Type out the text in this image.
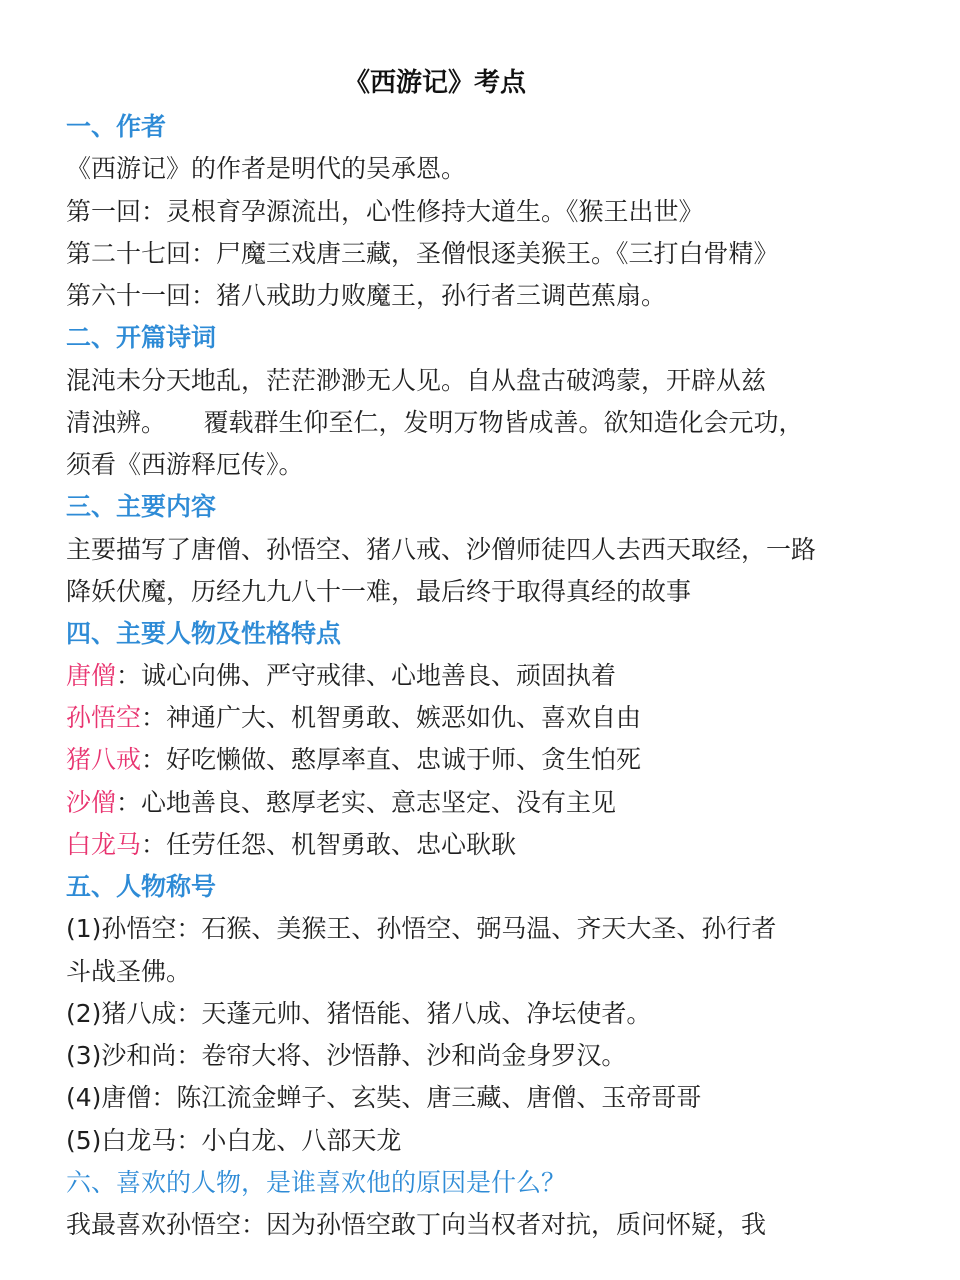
《西游记》考点
一、作者
《西游记》的作者是明代的吴承恩。
第一回：灵根育孕源流出，心性修持大道生。《猴王出世》
第二十七回：尸魔三戏唐三藏，圣僧恨逐美猴王。《三打白骨精》
第六十一回：猪八戒助力败魔王，孙行者三调芭蕉扇。
二、开篇诗词
混沌未分天地乱，茫茫渺渺无人见。自从盘古破鸿蒙，开辟从兹
清浊辨。　　覆载群生仰至仁，发明万物皆成善。欲知造化会元功，
须看《西游释厄传》。
三、主要内容
主要描写了唐僧、孙悟空、猪八戒、沙僧师徒四人去西天取经，一路
降妖伏魔，历经九九八十一难，最后终于取得真经的故事
四、主要人物及性格特点
唐僧：诚心向佛、严守戒律、心地善良、顽固执着
孙悟空：神通广大、机智勇敢、嫉恶如仇、喜欢自由
猪八戒：好吃懒做、憨厚率直、忠诚于师、贪生怕死
沙僧：心地善良、憨厚老实、意志坚定、没有主见
白龙马：任劳任怨、机智勇敢、忠心耿耿
五、人物称号
(1)孙悟空：石猴、美猴王、孙悟空、弼马温、齐天大圣、孙行者
斗战圣佛。
(2)猪八成：天蓬元帅、猪悟能、猪八成、净坛使者。
(3)沙和尚：卷帘大将、沙悟静、沙和尚金身罗汉。
(4)唐僧：陈江流金蝉子、玄奘、唐三藏、唐僧、玉帝哥哥
(5)白龙马：小白龙、八部天龙
六、喜欢的人物，是谁喜欢他的原因是什么？
我最喜欢孙悟空：因为孙悟空敢丁向当权者对抗，质问怀疑，我
